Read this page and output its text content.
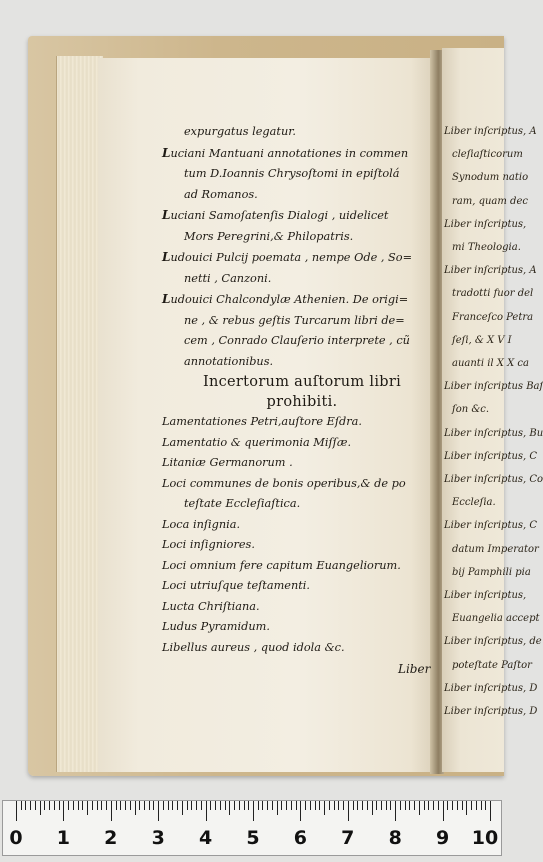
Liber inſcriptus, A
cleſiaſticorum
Synodum natio
ram, quam dec
Liber inſcriptus,
mi Theologia.
Liber inſcriptus, A
tradotti fuor del
Franceſco Petra
ſeſi, & X V I
auanti il X X ca
Liber inſcriptus Baſ
ſon &c.
Liber inſcriptus, Bu
Liber inſcriptus, C
Liber inſcriptus, Co
Eccleſia.
Liber inſcriptus, C
datum Imperator
bij Pamphili pia
Liber inſcriptus,
Euangelia accept
Liber inſcriptus, de
poteſtate Paſtor
Liber inſcriptus, D
Liber inſcriptus, D
expurgatus legatur.
Luciani Mantuani annotationes in commen
tum D.Ioannis Chrysoſtomi in epiſtolá
ad Romanos.
Luciani Samoſatenſis Dialogi , uidelicet
Mors Peregrini,& Philopatris.
Ludouici Pulcij poemata , nempe Ode , So=
netti , Canzoni.
Ludouici Chalcondylæ Athenien. De origi=
ne , & rebus geſtis Turcarum libri de=
cem , Conrado Clauſerio interprete , cũ
annotationibus.
Incertorum auſtorum libri
prohibiti.
Lamentationes Petri,auſtore Eſdra.
Lamentatio & querimonia Miſſæ.
Litaniæ Germanorum .
Loci communes de bonis operibus,& de po
teſtate Eccleſiaſtica.
Loca inſignia.
Loci inſigniores.
Loci omnium fere capitum Euangeliorum.
Loci utriuſque teſtamenti.
Lucta Chriſtiana.
Ludus Pyramidum.
Libellus aureus , quod idola &c.
Liber
0 1 2 3 4 5 6 7 8 9 10
